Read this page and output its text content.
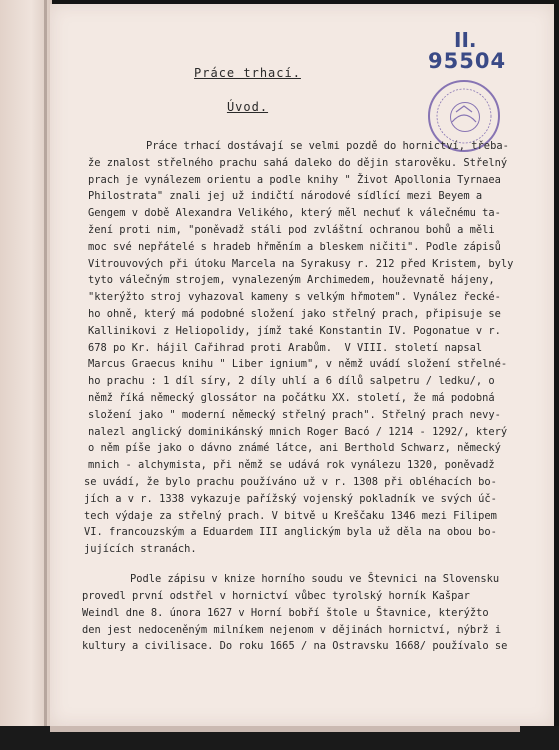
II.
95504
Práce trhací.
Úvod.
Práce trhací dostávají se velmi pozdě do hornictví, třeba-
že znalost střelného prachu sahá daleko do dějin starověku. Střelný
prach je vynálezem orientu a podle knihy " Život Apollonia Tyrnaea
Philostrata" znali jej už indičtí národové sídlící mezi Beyem a
Gengem v době Alexandra Velikého, který měl nechuť k válečnému ta-
žení proti nim, "poněvadž stáli pod zvláštní ochranou bohů a měli
moc své nepřátelé s hradeb hřměním a bleskem ničiti". Podle zápisů
Vitrouvových při útoku Marcela na Syrakusy r. 212 před Kristem, byly
tyto válečným strojem, vynalezeným Archimedem, houževnatě hájeny,
"kterýžto stroj vyhazoval kameny s velkým hřmotem". Vynález řecké-
ho ohně, který má podobné složení jako střelný prach, připisuje se
Kallinikovi z Heliopolidy, jímž také Konstantin IV. Pogonatue v r.
678 po Kr. hájil Cařihrad proti Arabům.  V VIII. století napsal
Marcus Graecus knihu " Liber ignium", v němž uvádí složení střelné-
ho prachu : 1 díl síry, 2 díly uhlí a 6 dílů salpetru / ledku/, o
němž říká německý glossátor na počátku XX. století, že má podobná
složení jako " moderní německý střelný prach". Střelný prach nevy-
nalezl anglický dominikánský mnich Roger Bacó / 1214 - 1292/, který
o něm píše jako o dávno známé látce, ani Berthold Schwarz, německý
mnich - alchymista, při němž se udává rok vynálezu 1320, poněvadž
se uvádí, že bylo prachu používáno už v r. 1308 při obléhacích bo-
jích a v r. 1338 vykazuje pařížský vojenský pokladník ve svých úč-
tech výdaje za střelný prach. V bitvě u Kreščaku 1346 mezi Filipem
VI. francouzským a Eduardem III anglickým byla už děla na obou bo-
jujících stranách.
Podle zápisu v knize horního soudu ve Števnici na Slovensku
provedl první odstřel v hornictví vůbec tyrolský horník Kašpar
Weindl dne 8. února 1627 v Horní bobří štole u Štavnice, kterýžto
den jest nedoceněným milníkem nejenom v dějinách hornictví, nýbrž i
kultury a civilisace. Do roku 1665 / na Ostravsku 1668/ používalo se
